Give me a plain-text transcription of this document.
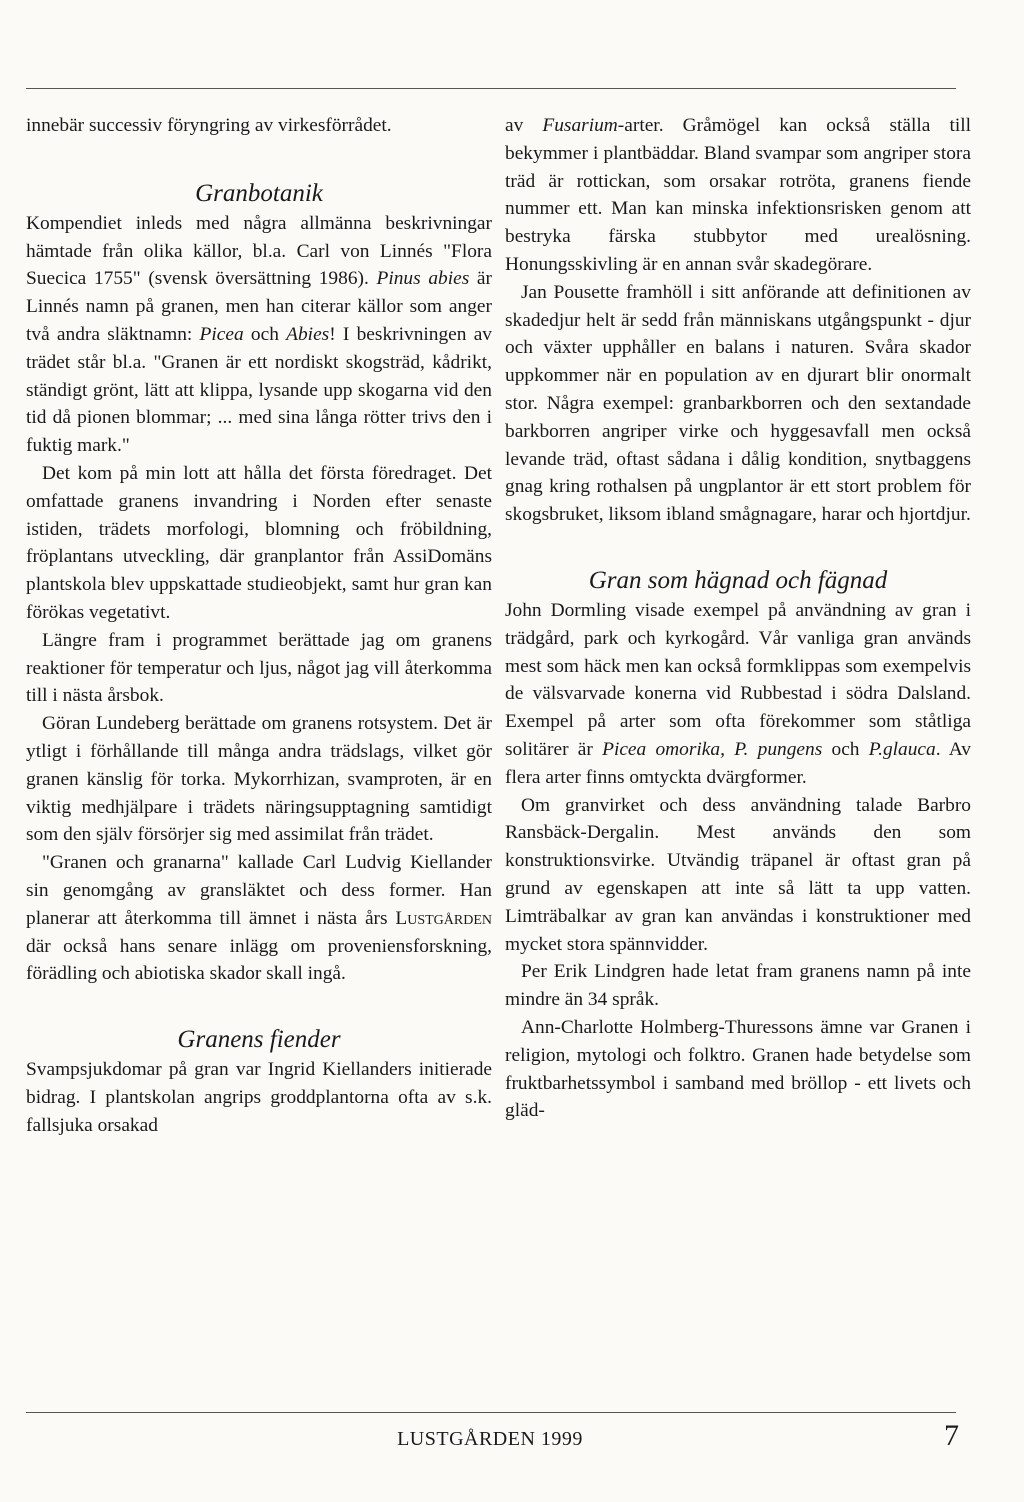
innebär successiv föryngring av virkesförrådet.

Granbotanik

Kompendiet inleds med några allmänna beskrivningar hämtade från olika källor, bl.a. Carl von Linnés "Flora Suecica 1755" (svensk översättning 1986). Pinus abies är Linnés namn på granen, men han citerar källor som anger två andra släktnamn: Picea och Abies! I beskrivningen av trädet står bl.a. "Granen är ett nordiskt skogsträd, kådrikt, ständigt grönt, lätt att klippa, lysande upp skogarna vid den tid då pionen blommar; ... med sina långa rötter trivs den i fuktig mark."

Det kom på min lott att hålla det första föredraget. Det omfattade granens invandring i Norden efter senaste istiden, trädets morfologi, blomning och fröbildning, fröplantans utveckling, där granplantor från AssiDomäns plantskola blev uppskattade studieobjekt, samt hur gran kan förökas vegetativt.

Längre fram i programmet berättade jag om granens reaktioner för temperatur och ljus, något jag vill återkomma till i nästa årsbok.

Göran Lundeberg berättade om granens rotsystem. Det är ytligt i förhållande till många andra trädslags, vilket gör granen känslig för torka. Mykorrhizan, svamproten, är en viktig medhjälpare i trädets näringsupptagning samtidigt som den själv försörjer sig med assimilat från trädet.

"Granen och granarna" kallade Carl Ludvig Kiellander sin genomgång av gransläktet och dess former. Han planerar att återkomma till ämnet i nästa års Lustgården där också hans senare inlägg om proveniensforskning, förädling och abiotiska skador skall ingå.

Granens fiender

Svampsjukdomar på gran var Ingrid Kiellanders initierade bidrag. I plantskolan angrips groddplantorna ofta av s.k. fallsjuka orsakad

av Fusarium-arter. Gråmögel kan också ställa till bekymmer i plantbäddar. Bland svampar som angriper stora träd är rottickan, som orsakar rotröta, granens fiende nummer ett. Man kan minska infektionsrisken genom att bestryka färska stubbytor med urealösning. Honungsskivling är en annan svår skadegörare.

Jan Pousette framhöll i sitt anförande att definitionen av skadedjur helt är sedd från människans utgångspunkt - djur och växter upphåller en balans i naturen. Svåra skador uppkommer när en population av en djurart blir onormalt stor. Några exempel: granbarkborren och den sextandade barkborren angriper virke och hyggesavfall men också levande träd, oftast sådana i dålig kondition, snytbaggens gnag kring rothalsen på ungplantor är ett stort problem för skogsbruket, liksom ibland smågnagare, harar och hjortdjur.

Gran som hägnad och fägnad

John Dormling visade exempel på användning av gran i trädgård, park och kyrkogård. Vår vanliga gran används mest som häck men kan också formklippas som exempelvis de välsvarvade konerna vid Rubbestad i södra Dalsland. Exempel på arter som ofta förekommer som ståtliga solitärer är Picea omorika, P. pungens och P.glauca. Av flera arter finns omtyckta dvärgformer.

Om granvirket och dess användning talade Barbro Ransbäck-Dergalin. Mest används den som konstruktionsvirke. Utvändig träpanel är oftast gran på grund av egenskapen att inte så lätt ta upp vatten. Limträbalkar av gran kan användas i konstruktioner med mycket stora spännvidder.

Per Erik Lindgren hade letat fram granens namn på inte mindre än 34 språk.

Ann-Charlotte Holmberg-Thuressons ämne var Granen i religion, mytologi och folktro. Granen hade betydelse som fruktbarhetssymbol i samband med bröllop - ett livets och gläd-

LUSTGÅRDEN 1999	7
